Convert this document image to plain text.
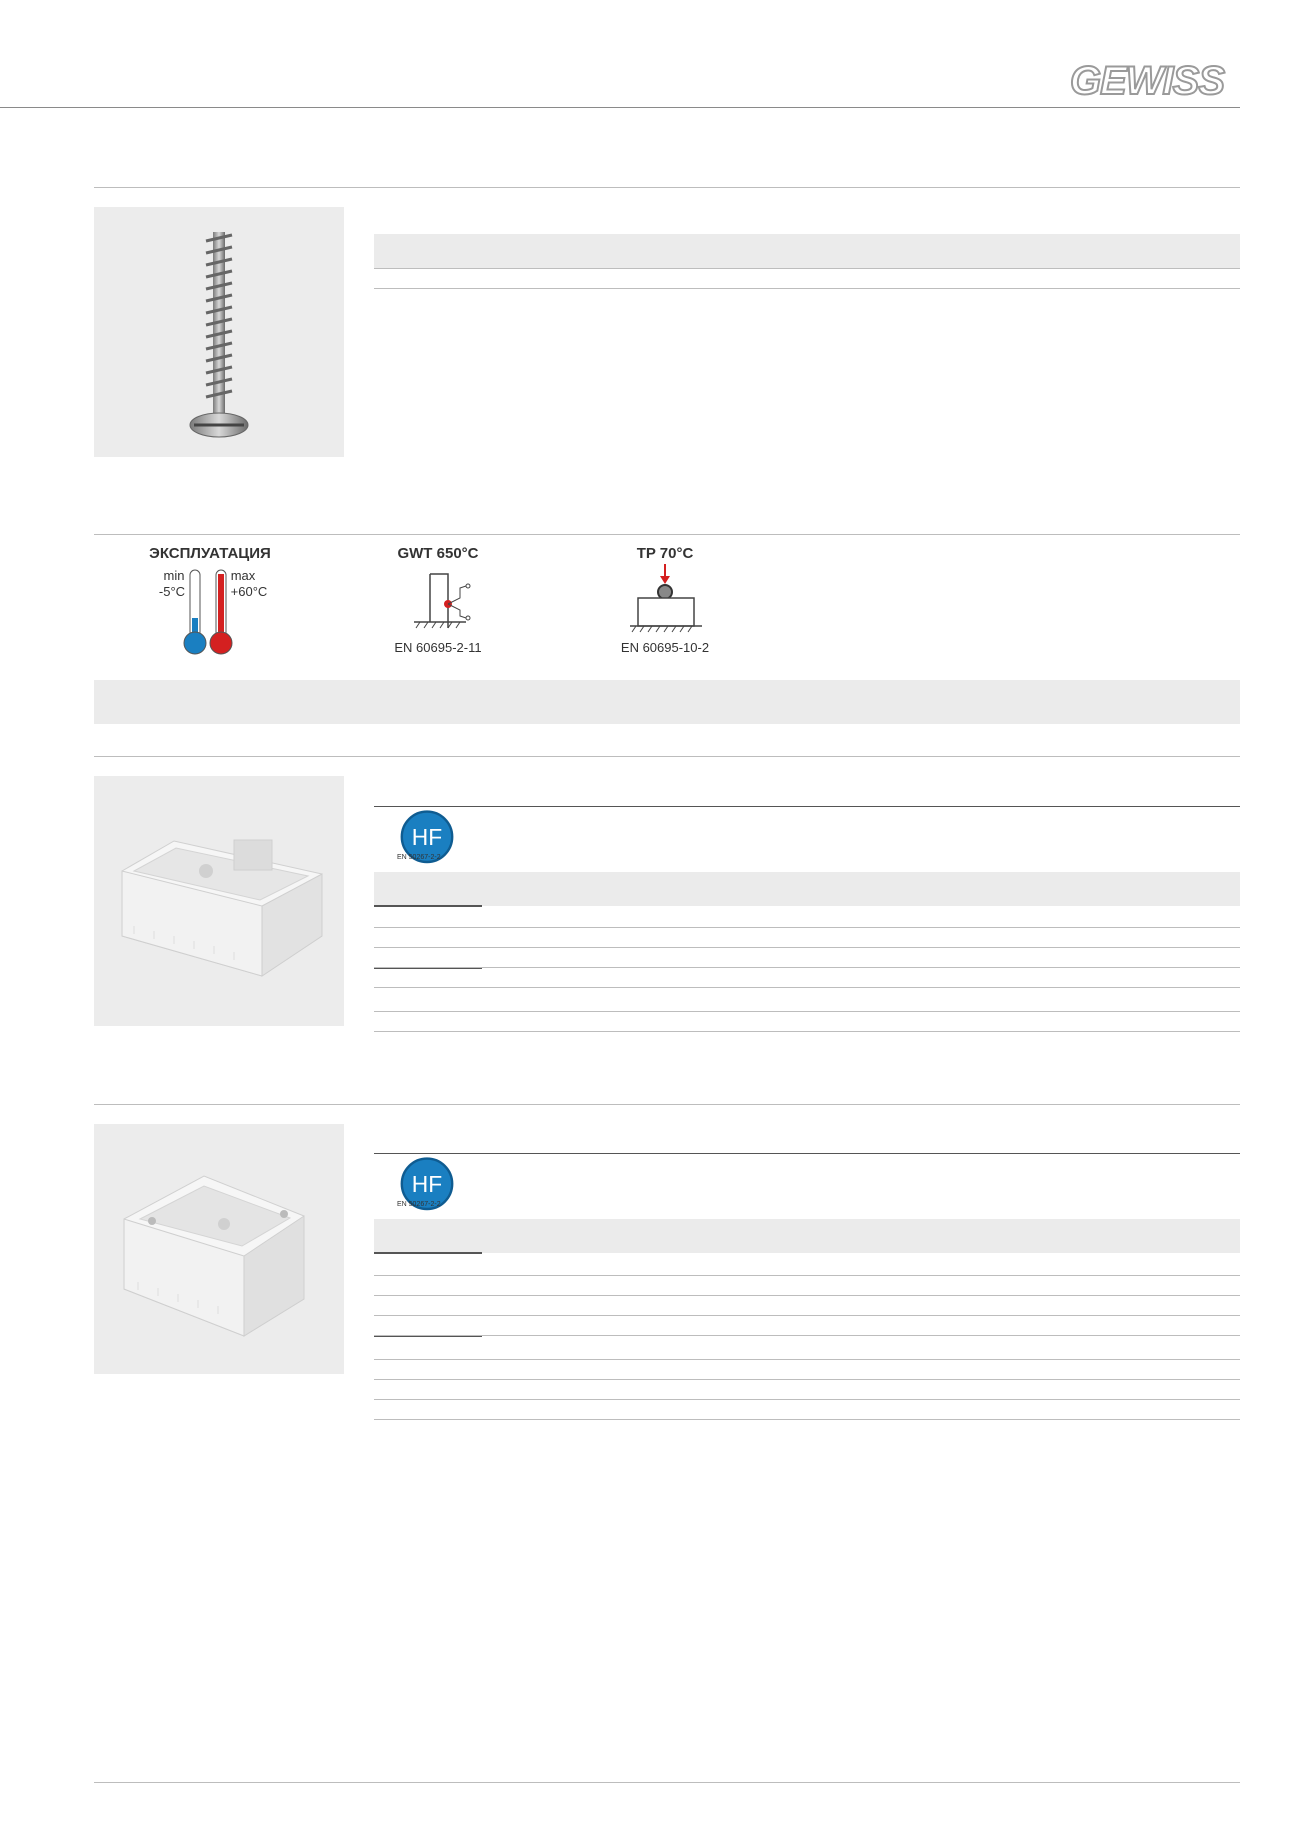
GEWISS
ЭКСПЛУАТАЦИЯ
min
-5°C
max
+60°C
GWT 650°C
EN 60695-2-11
TP 70°C
EN 60695-10-2
HF
EN 50267-2-2
HF
EN 50267-2-2
